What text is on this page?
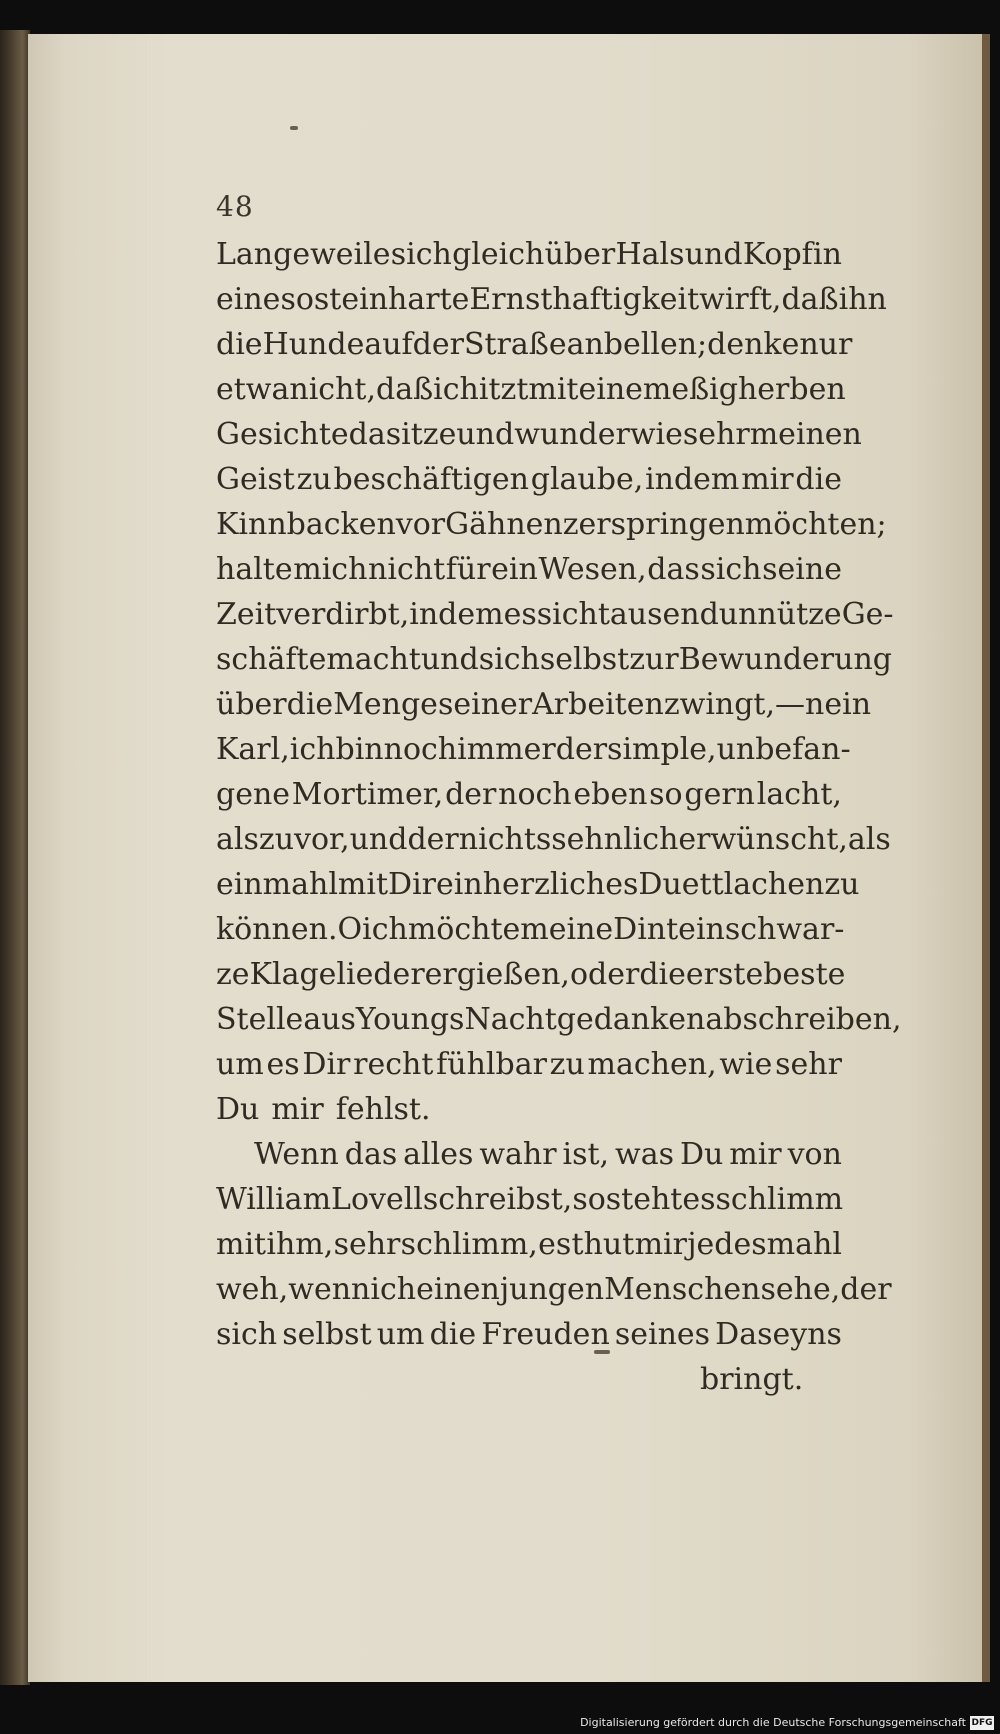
48
Langeweile sich gleich über Hals und Kopf in
eine so steinharte Ernsthaftigkeit wirft, daß ihn
die Hunde auf der Straße anbellen; denke nur
etwa nicht, daß ich itzt mit einem eßigherben
Gesichte dasitze und wunder wie sehr meinen
Geist zu beschäftigen glaube, indem mir die
Kinnbacken vor Gähnen zerspringen möchten;
halte mich nicht für ein Wesen, das sich seine
Zeit verdirbt, indem es sich tausend unnütze Ge-
schäfte macht und sich selbst zur Bewunderung
über die Menge seiner Arbeiten zwingt, — nein
Karl, ich bin noch immer der simple, unbefan-
gene Mortimer, der noch eben so gern lacht,
als zuvor, und der nichts sehnlicher wünscht, als
einmahl mit Dir ein herzliches Duett lachen zu
können. O ich möchte meine Dinte in schwar-
ze Klagelieder ergießen, oder die erste beste
Stelle aus Youngs Nachtgedanken abschreiben,
um es Dir recht fühlbar zu machen, wie sehr
Du mir fehlst.
Wenn das alles wahr ist, was Du mir von
William Lovell schreibst, so steht es schlimm
mit ihm, sehr schlimm, es thut mir jedesmahl
weh, wenn ich einen jungen Menschen sehe, der
sich selbst um die Freuden seines Daseyns
bringt.
Digitalisierung gefördert durch die Deutsche Forschungsgemeinschaft DFG
